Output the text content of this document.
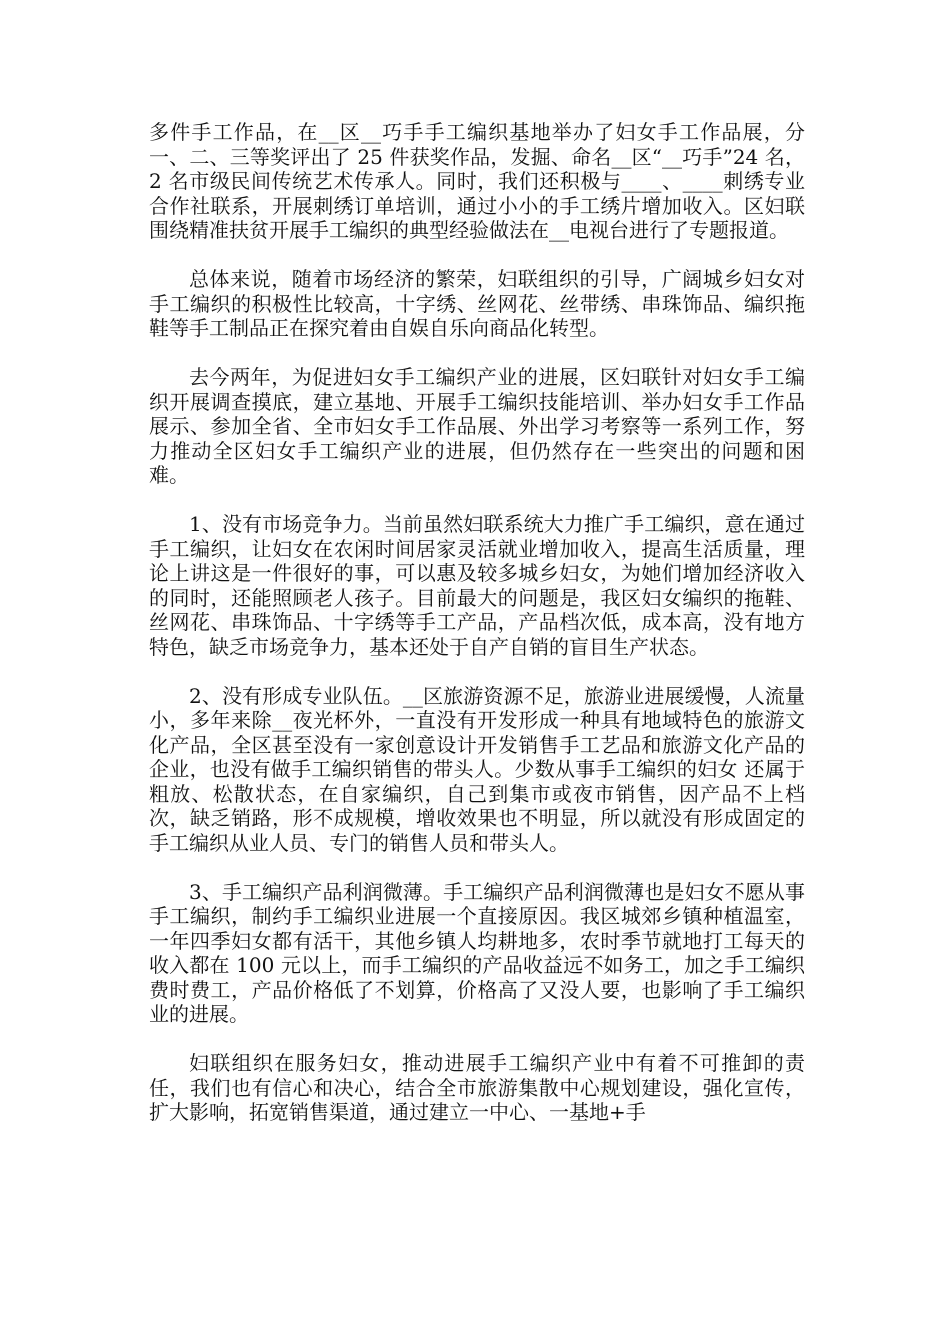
多件手工作品，在__区__巧手手工编织基地举办了妇女手工作品展，分一、二、三等奖评出了 25 件获奖作品，发掘、命名__区“__巧手”24 名，2 名市级民间传统艺术传承人。同时，我们还积极与____、____刺绣专业合作社联系，开展刺绣订单培训，通过小小的手工绣片增加收入。区妇联围绕精准扶贫开展手工编织的典型经验做法在__电视台进行了专题报道。

总体来说，随着市场经济的繁荣，妇联组织的引导，广阔城乡妇女对手工编织的积极性比较高，十字绣、丝网花、丝带绣、串珠饰品、编织拖鞋等手工制品正在探究着由自娱自乐向商品化转型。

去今两年，为促进妇女手工编织产业的进展，区妇联针对妇女手工编织开展调查摸底，建立基地、开展手工编织技能培训、举办妇女手工作品展示、参加全省、全市妇女手工作品展、外出学习考察等一系列工作，努力推动全区妇女手工编织产业的进展，但仍然存在一些突出的问题和困难。

1、没有市场竞争力。当前虽然妇联系统大力推广手工编织，意在通过手工编织，让妇女在农闲时间居家灵活就业增加收入，提高生活质量，理论上讲这是一件很好的事，可以惠及较多城乡妇女，为她们增加经济收入的同时，还能照顾老人孩子。目前最大的问题是，我区妇女编织的拖鞋、丝网花、串珠饰品、十字绣等手工产品，产品档次低，成本高，没有地方特色，缺乏市场竞争力，基本还处于自产自销的盲目生产状态。

2、没有形成专业队伍。__区旅游资源不足，旅游业进展缓慢，人流量小，多年来除__夜光杯外，一直没有开发形成一种具有地域特色的旅游文化产品，全区甚至没有一家创意设计开发销售手工艺品和旅游文化产品的企业，也没有做手工编织销售的带头人。少数从事手工编织的妇女 还属于粗放、松散状态，在自家编织，自己到集市或夜市销售，因产品不上档次，缺乏销路，形不成规模，增收效果也不明显，所以就没有形成固定的手工编织从业人员、专门的销售人员和带头人。

3、手工编织产品利润微薄。手工编织产品利润微薄也是妇女不愿从事手工编织，制约手工编织业进展一个直接原因。我区城郊乡镇种植温室，一年四季妇女都有活干，其他乡镇人均耕地多，农时季节就地打工每天的收入都在 100 元以上，而手工编织的产品收益远不如务工，加之手工编织费时费工，产品价格低了不划算，价格高了又没人要，也影响了手工编织业的进展。

妇联组织在服务妇女，推动进展手工编织产业中有着不可推卸的责任，我们也有信心和决心，结合全市旅游集散中心规划建设，强化宣传，扩大影响，拓宽销售渠道，通过建立一中心、一基地+手
